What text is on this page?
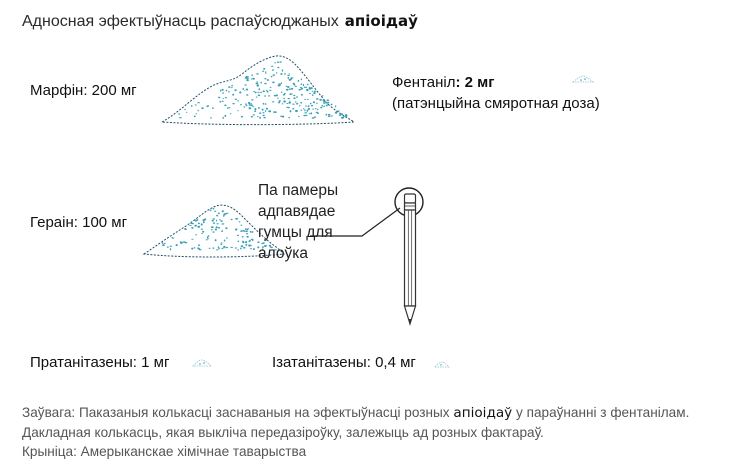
Адносная эфектыўнасць распаўсюджаных апіоідаў
Марфін: 200 мг	Фентаніл: 2 мг
(патэнцыйна смяротная доза)
Гераін: 100 мг
Па памеры адпавядае гумцы для алоўка
Пратанітазены: 1 мг	Ізатанітазены: 0,4 мг
Заўвага: Паказаныя колькасці заснаваныя на эфектыўнасці розных апіоідаў у параўнанні з фентанілам.
Дакладная колькасць, якая выкліча передазіроўку, залежыць ад розных фактараў.
Крыніца: Амерыканскае хімічнае таварыства
